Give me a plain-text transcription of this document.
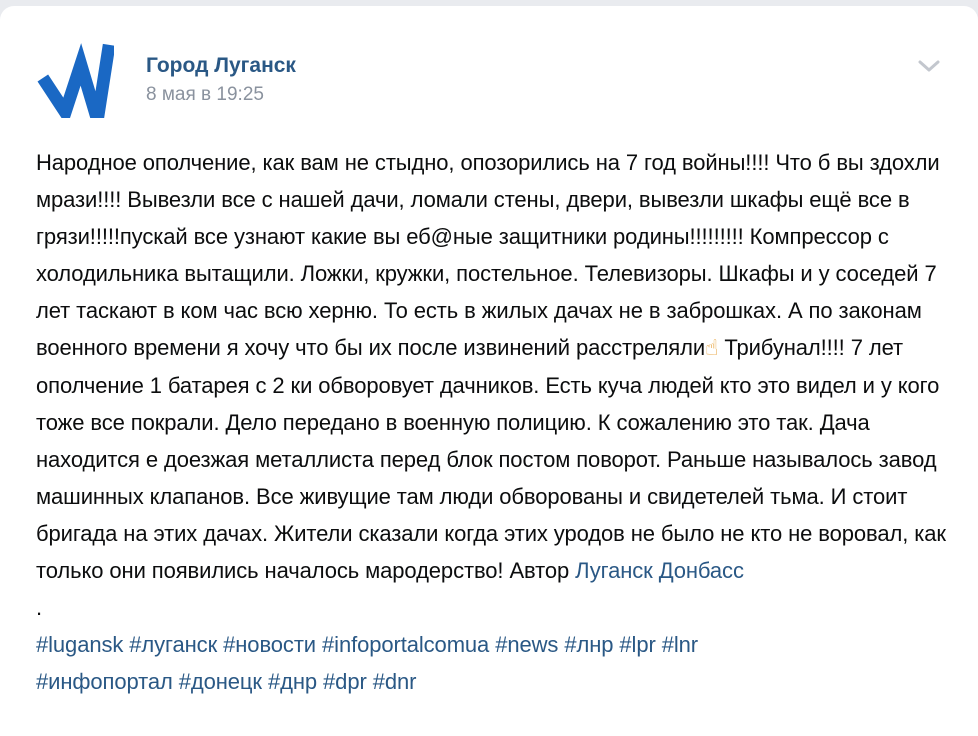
Город Луганск
8 мая в 19:25
Народное ополчение, как вам не стыдно, опозорились на 7 год войны!!!! Что б вы здохли мрази!!!! Вывезли все с нашей дачи, ломали стены, двери, вывезли шкафы ещё все в грязи!!!!!пускай все узнают какие вы еб@ные защитники родины!!!!!!!!! Компрессор с холодильника вытащили. Ложки, кружки, постельное. Телевизоры. Шкафы и у соседей 7 лет таскают в ком час всю херню. То есть в жилых дачах не в заброшках. А по законам военного времени я хочу что бы их после извинений расстреляли☝ Трибунал!!!! 7 лет ополчение 1 батарея с 2 ки обворовует дачников. Есть куча людей кто это видел и у кого тоже все покрали. Дело передано в военную полицию. К сожалению это так. Дача находится е доезжая металлиста перед блок постом поворот. Раньше называлось завод машинных клапанов. Все живущие там люди обворованы и свидетелей тьма. И стоит бригада на этих дачах. Жители сказали когда этих уродов не было не кто не воровал, как только они появились началось мародерство! Автор Луганск Донбасс
.
#lugansk #луганск #новости #infoportalcomua #news #лнр #lpr #lnr
#инфопортал #донецк #днр #dpr #dnr
